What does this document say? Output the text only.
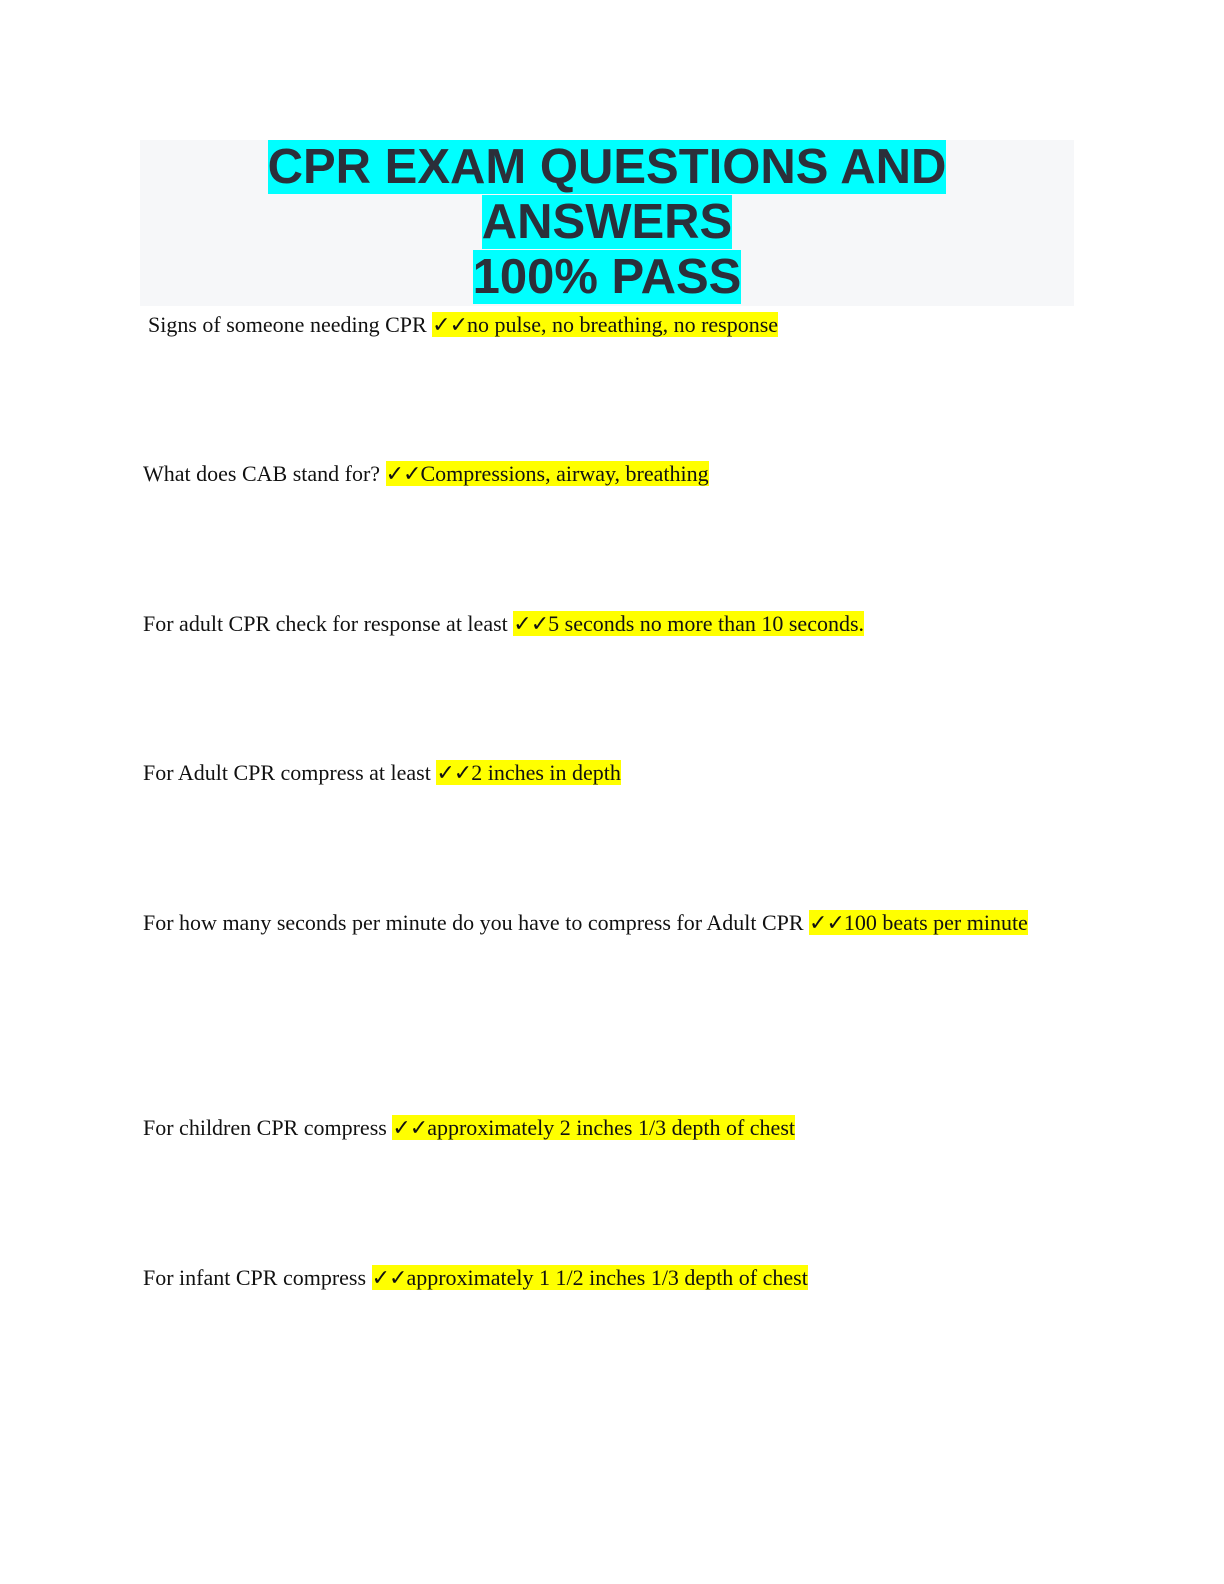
CPR EXAM QUESTIONS AND ANSWERS
100% PASS

Signs of someone needing CPR ✓✓no pulse, no breathing, no response

What does CAB stand for? ✓✓Compressions, airway, breathing

For adult CPR check for response at least ✓✓5 seconds no more than 10 seconds.

For Adult CPR compress at least ✓✓2 inches in depth

For how many seconds per minute do you have to compress for Adult CPR ✓✓100 beats per minute

For children CPR compress ✓✓approximately 2 inches 1/3 depth of chest

For infant CPR compress ✓✓approximately 1 1/2 inches 1/3 depth of chest
